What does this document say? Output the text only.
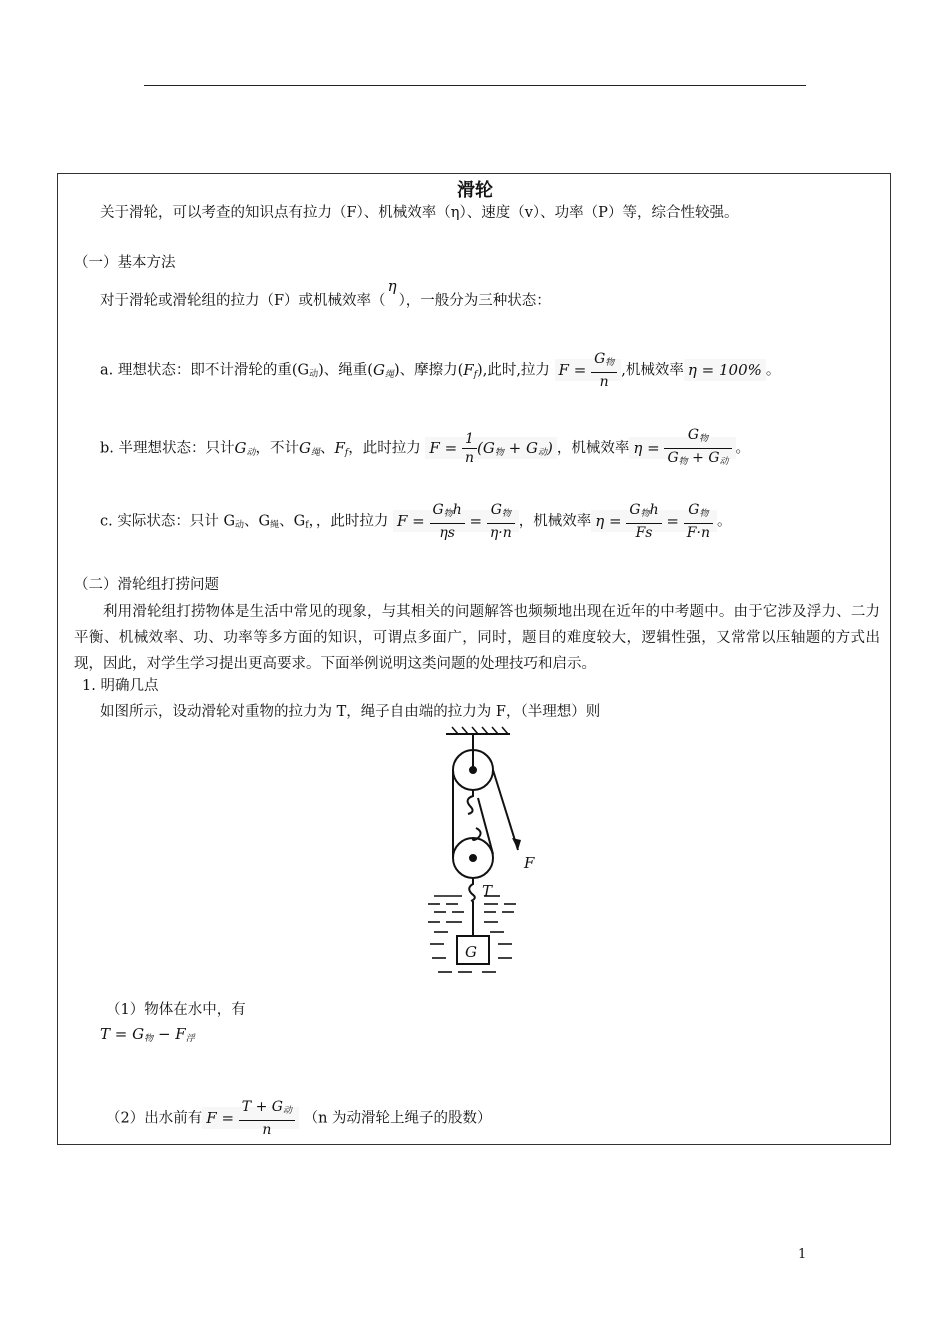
滑轮
关于滑轮，可以考查的知识点有拉力（F）、机械效率（η）、速度（v）、功率（P）等，综合性较强。
（一）基本方法
对于滑轮或滑轮组的拉力（F）或机械效率（η），一般分为三种状态：
a. 理想状态：即不计滑轮的重$(G_动)$、绳重$(G_绳)$、摩擦力$(F_f)$,此时,拉力 $F = \frac{G_物}{n}$ ,机械效率 η = 100% 。
b. 半理想状态：只计$G_动$，不计$G_绳$、$F_f$，此时拉力 $F = \frac{1}{n} (G_物 + G_动)$ ，机械效率 $\eta = \frac{G_物}{G_物 + G_动}$ 。
c. 实际状态：只计 $G_动$、$G_绳$、$G_f$，，此时拉力 $F = \frac{G_物h}{\eta s} = \frac{G_物}{\eta\cdot n}$ ，机械效率 $\eta = \frac{G_物h}{Fs} = \frac{G_物}{F\cdot n}$ 。
（二）滑轮组打捞问题
利用滑轮组打捞物体是生活中常见的现象，与其相关的问题解答也频频地出现在近年的中考题中。由于它涉及浮力、二力平衡、机械效率、功、功率等多方面的知识，可谓点多面广，同时，题目的难度较大，逻辑性强，又常常以压轴题的方式出现，因此，对学生学习提出更高要求。下面举例说明这类问题的处理技巧和启示。
1. 明确几点
如图所示，设动滑轮对重物的拉力为 T，绳子自由端的拉力为 F，（半理想）则
F
T
G
（1）物体在水中，有
$T = G_物 - F_浮$
（2）出水前有 $F = \frac{T + G_动}{n} (n$ 为动滑轮上绳子的股数）
1
